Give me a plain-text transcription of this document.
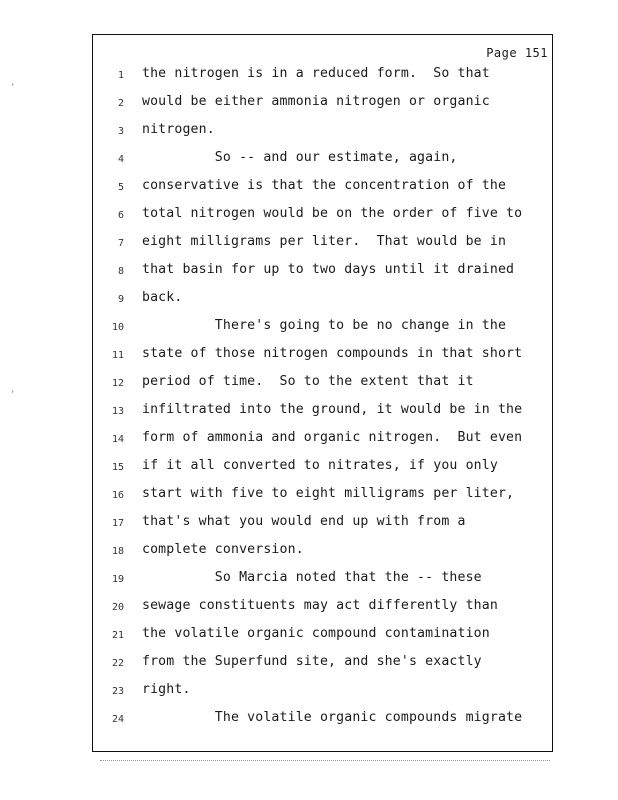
Page 151
,
,
1 the nitrogen is in a reduced form.  So that
2 would be either ammonia nitrogen or organic
3 nitrogen.
4 So -- and our estimate, again,
5 conservative is that the concentration of the
6 total nitrogen would be on the order of five to
7 eight milligrams per liter.  That would be in
8 that basin for up to two days until it drained
9 back.
10 There's going to be no change in the
11 state of those nitrogen compounds in that short
12 period of time.  So to the extent that it
13 infiltrated into the ground, it would be in the
14 form of ammonia and organic nitrogen.  But even
15 if it all converted to nitrates, if you only
16 start with five to eight milligrams per liter,
17 that's what you would end up with from a
18 complete conversion.
19 So Marcia noted that the -- these
20 sewage constituents may act differently than
21 the volatile organic compound contamination
22 from the Superfund site, and she's exactly
23 right.
24 The volatile organic compounds migrate
